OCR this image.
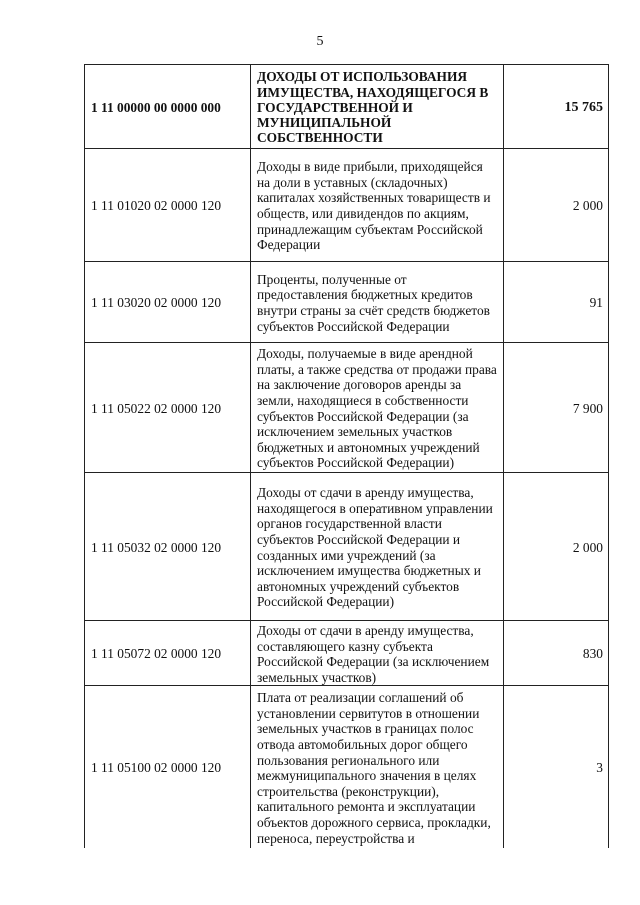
5
1 11 00000 00 0000 000	ДОХОДЫ ОТ ИСПОЛЬЗОВАНИЯ ИМУЩЕСТВА, НАХОДЯЩЕГОСЯ В ГОСУДАРСТВЕННОЙ И МУНИЦИПАЛЬНОЙ СОБСТВЕННОСТИ	15 765
1 11 01020 02 0000 120	Доходы в виде прибыли, приходящейся на доли в уставных (складочных) капиталах хозяйственных товариществ и обществ, или дивидендов по акциям, принадлежащим субъектам Российской Федерации	2 000
1 11 03020 02 0000 120	Проценты, полученные от предоставления бюджетных кредитов внутри страны за счёт средств бюджетов субъектов Российской Федерации	91
1 11 05022 02 0000 120	Доходы, получаемые в виде арендной платы, а также средства от продажи права на заключение договоров аренды за земли, находящиеся в собственности субъектов Российской Федерации (за исключением земельных участков бюджетных и автономных учреждений субъектов Российской Федерации)	7 900
1 11 05032 02 0000 120	Доходы от сдачи в аренду имущества, находящегося в оперативном управлении органов государственной власти субъектов Российской Федерации и созданных ими учреждений (за исключением имущества бюджетных и автономных учреждений субъектов Российской Федерации)	2 000
1 11 05072 02 0000 120	Доходы от сдачи в аренду имущества, составляющего казну субъекта Российской Федерации (за исключением земельных участков)	830
1 11 05100 02 0000 120	Плата от реализации соглашений об установлении сервитутов в отношении земельных участков в границах полос отвода автомобильных дорог общего пользования регионального или межмуниципального значения в целях строительства (реконструкции), капитального ремонта и эксплуатации объектов дорожного сервиса, прокладки, переноса, переустройства и	3
